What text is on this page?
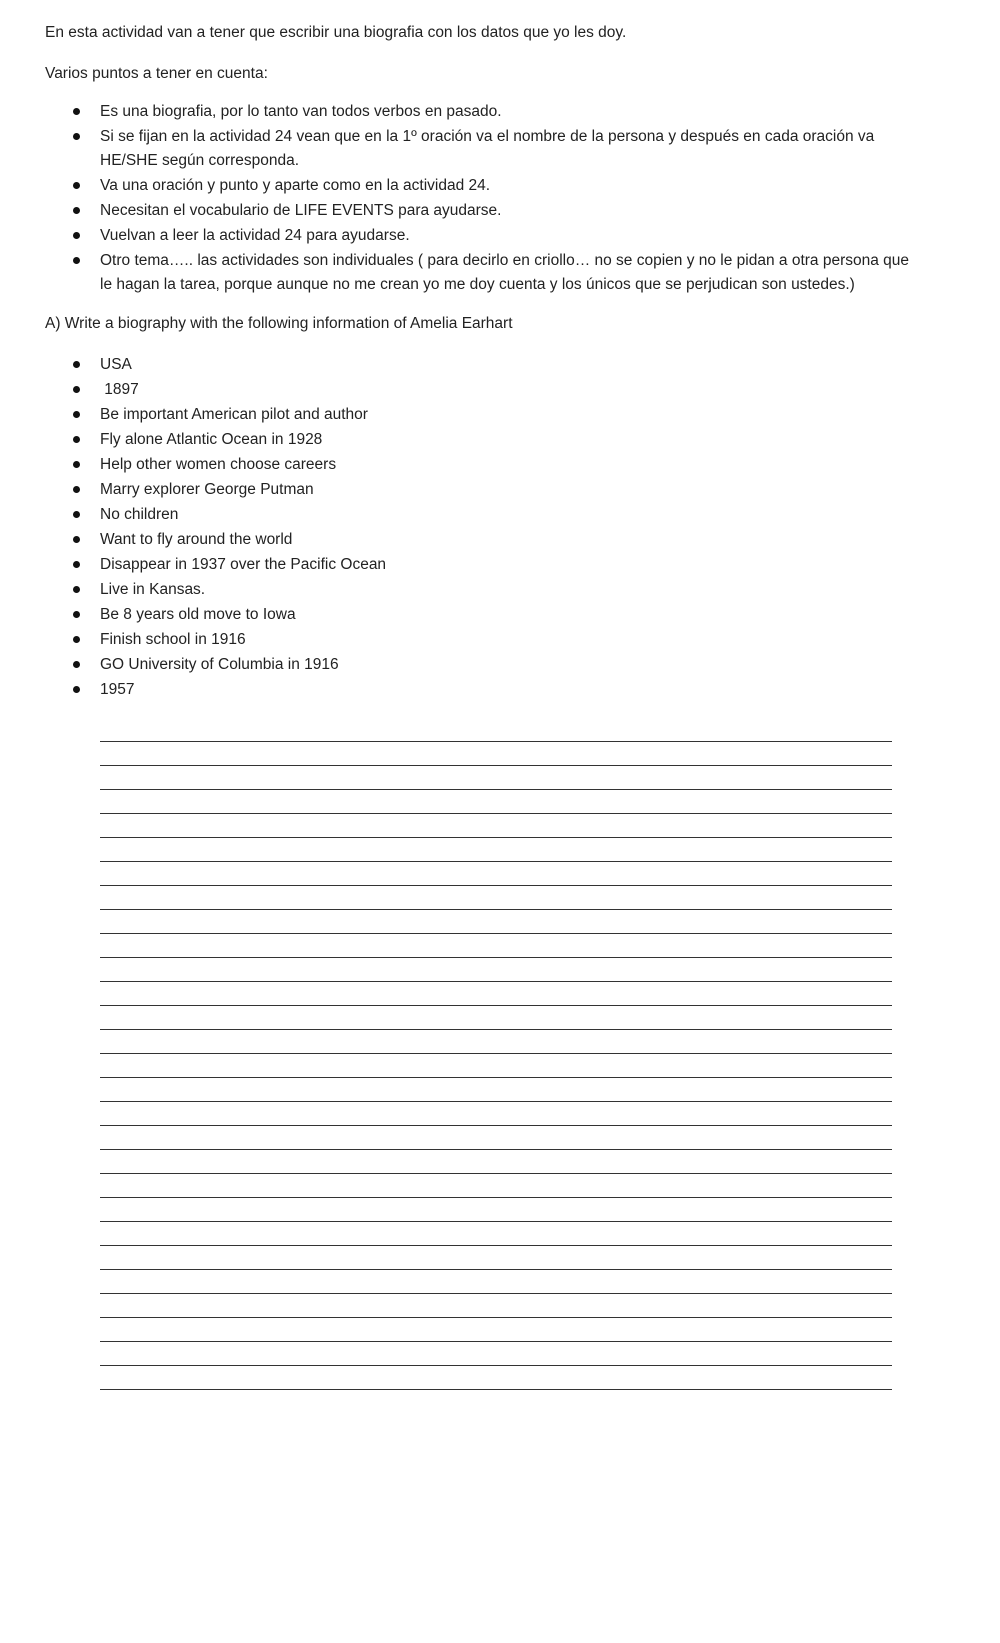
En esta actividad van a tener que escribir una biografia con los datos que yo les doy.

Varios puntos a tener en cuenta:

Es una biografia, por lo tanto van todos verbos en pasado.
Si se fijan en la actividad 24 vean que en la 1º oración va el nombre de la persona y después en cada oración va HE/SHE según corresponda.
Va una oración y punto y aparte como en la actividad 24.
Necesitan el vocabulario de LIFE EVENTS para ayudarse.
Vuelvan a leer la actividad 24 para ayudarse.
Otro tema….. las actividades son individuales ( para decirlo en criollo… no se copien y no le pidan a otra persona que le hagan la tarea, porque aunque no me crean yo me doy cuenta y los únicos que se perjudican son ustedes.)

A) Write a biography with the following information of Amelia Earhart

USA
1897
Be important American pilot and author
Fly alone Atlantic Ocean in 1928
Help other women choose careers
Marry explorer George Putman
No children
Want to fly around the world
Disappear in 1937 over the Pacific Ocean
Live in Kansas.
Be 8 years old move to Iowa
Finish school in 1916
GO University of Columbia in 1916
1957
